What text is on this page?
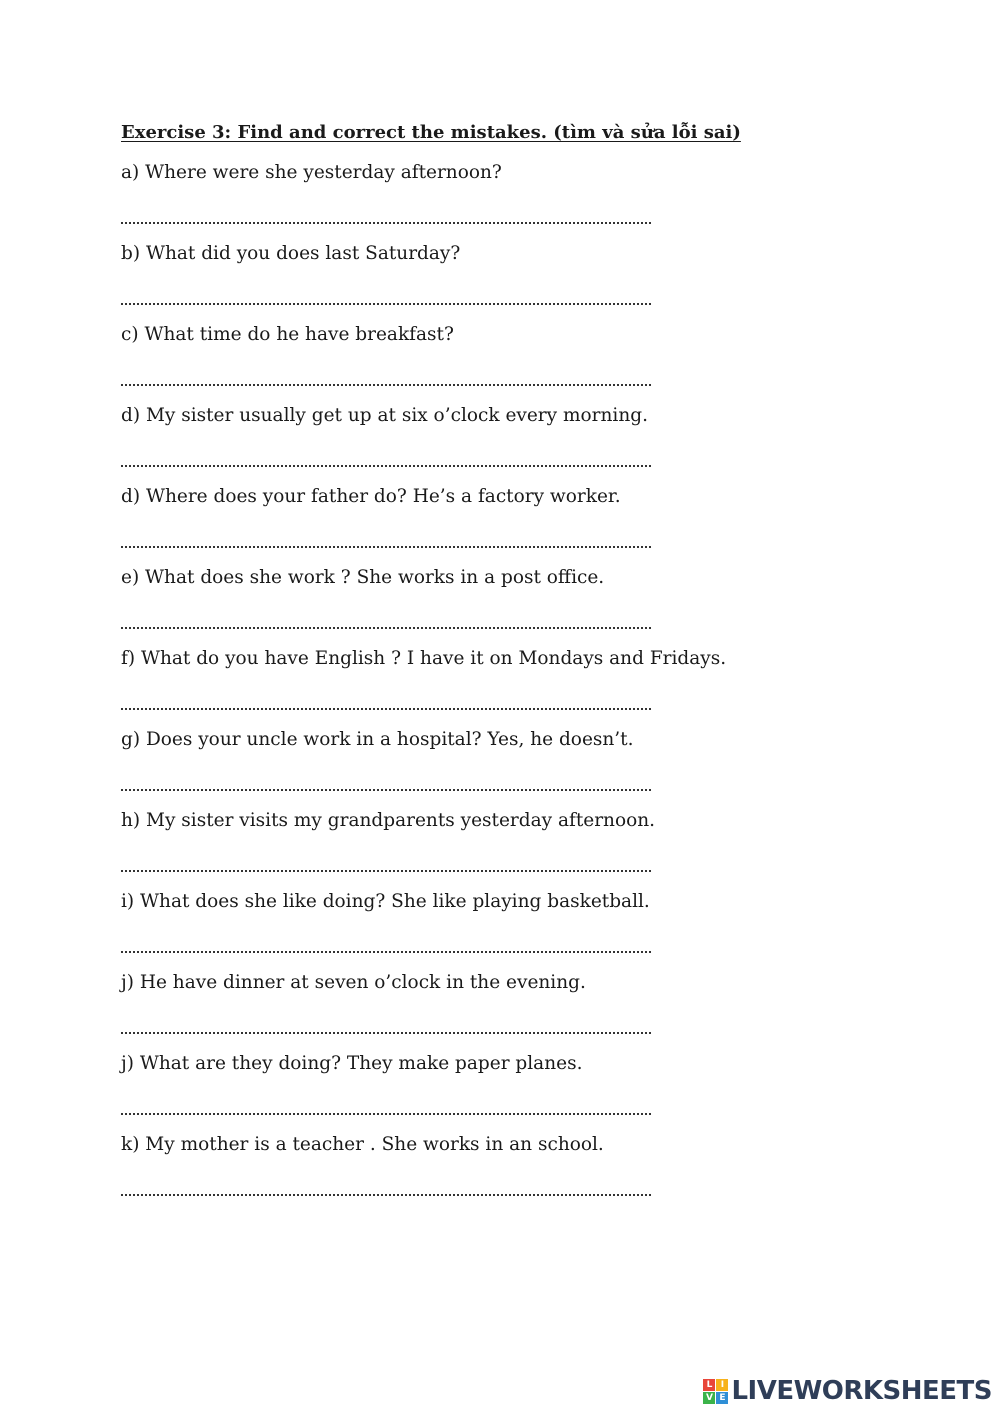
Exercise 3: Find and correct the mistakes. (tìm và sửa lỗi sai)
a) Where were she yesterday afternoon?
b) What did you does last Saturday?
c) What time do he have breakfast?
d) My sister usually get up at six o’clock every morning.
d) Where does your father do? He’s a factory worker.
e) What does she work ? She works in a post office.
f) What do you have English ? I have it on Mondays and Fridays.
g) Does your uncle work in a hospital? Yes, he doesn’t.
h) My sister visits my grandparents yesterday afternoon.
i) What does she like doing? She like playing basketball.
j) He have dinner at seven o’clock in the evening.
j) What are they doing? They make paper planes.
k) My mother is a teacher . She works in an school.
L I
V E LIVEWORKSHEETS
